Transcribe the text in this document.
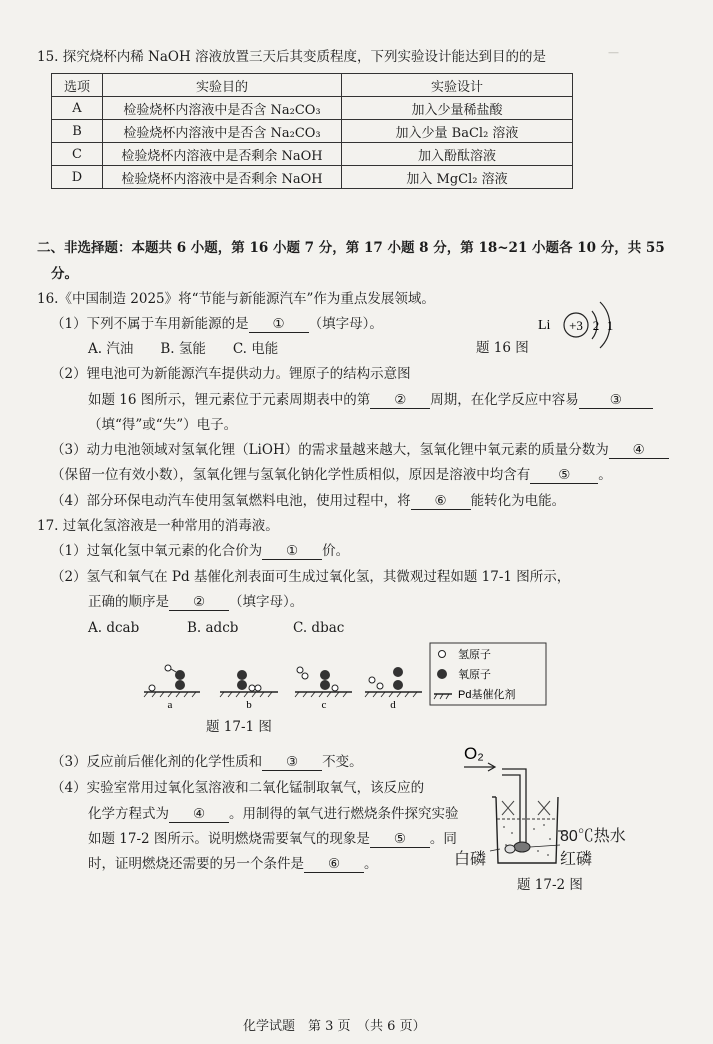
—
15. 探究烧杯内稀 NaOH 溶液放置三天后其变质程度，下列实验设计能达到目的的是
选项	实验目的	实验设计
A	检验烧杯内溶液中是否含 Na₂CO₃	加入少量稀盐酸
B	检验烧杯内溶液中是否含 Na₂CO₃	加入少量 BaCl₂ 溶液
C	检验烧杯内溶液中是否剩余 NaOH	加入酚酞溶液
D	检验烧杯内溶液中是否剩余 NaOH	加入 MgCl₂ 溶液
二、非选择题：本题共 6 小题，第 16 小题 7 分，第 17 小题 8 分，第 18~21 小题各 10 分，共 55
分。
16.《中国制造 2025》将“节能与新能源汽车”作为重点发展领域。
（1）下列不属于车用新能源的是 ① （填字母）。
A. 汽油　　B. 氢能　　C. 电能
（2）锂电池可为新能源汽车提供动力。锂原子的结构示意图
如题 16 图所示，锂元素位于元素周期表中的第 ② 周期，在化学反应中容易 ③
（填“得”或“失”）电子。
（3）动力电池领域对氢氧化锂（LiOH）的需求量越来越大，氢氧化锂中氧元素的质量分数为 ④
（保留一位有效小数），氢氧化锂与氢氧化钠化学性质相似，原因是溶液中均含有 ⑤ 。
（4）部分环保电动汽车使用氢氧燃料电池，使用过程中，将 ⑥ 能转化为电能。
Li +3 2 1
题 16 图
17. 过氧化氢溶液是一种常用的消毒液。
（1）过氧化氢中氧元素的化合价为 ① 价。
（2）氢气和氧气在 Pd 基催化剂表面可生成过氧化氢，其微观过程如题 17-1 图所示，
正确的顺序是 ② （填字母）。
A. dcab	B. adcb	C. dbac
a	b	c	d
氢原子
氧原子
Pd基催化剂
题 17-1 图
（3）反应前后催化剂的化学性质和 ③ 不变。
（4）实验室常用过氧化氢溶液和二氧化锰制取氧气，该反应的
化学方程式为 ④ 。用制得的氧气进行燃烧条件探究实验
如题 17-2 图所示。说明燃烧需要氧气的现象是 ⑤ 。同
时，证明燃烧还需要的另一个条件是 ⑥ 。
O₂
80℃热水
白磷	红磷
题 17-2 图
化学试题　第 3 页　（共 6 页）
